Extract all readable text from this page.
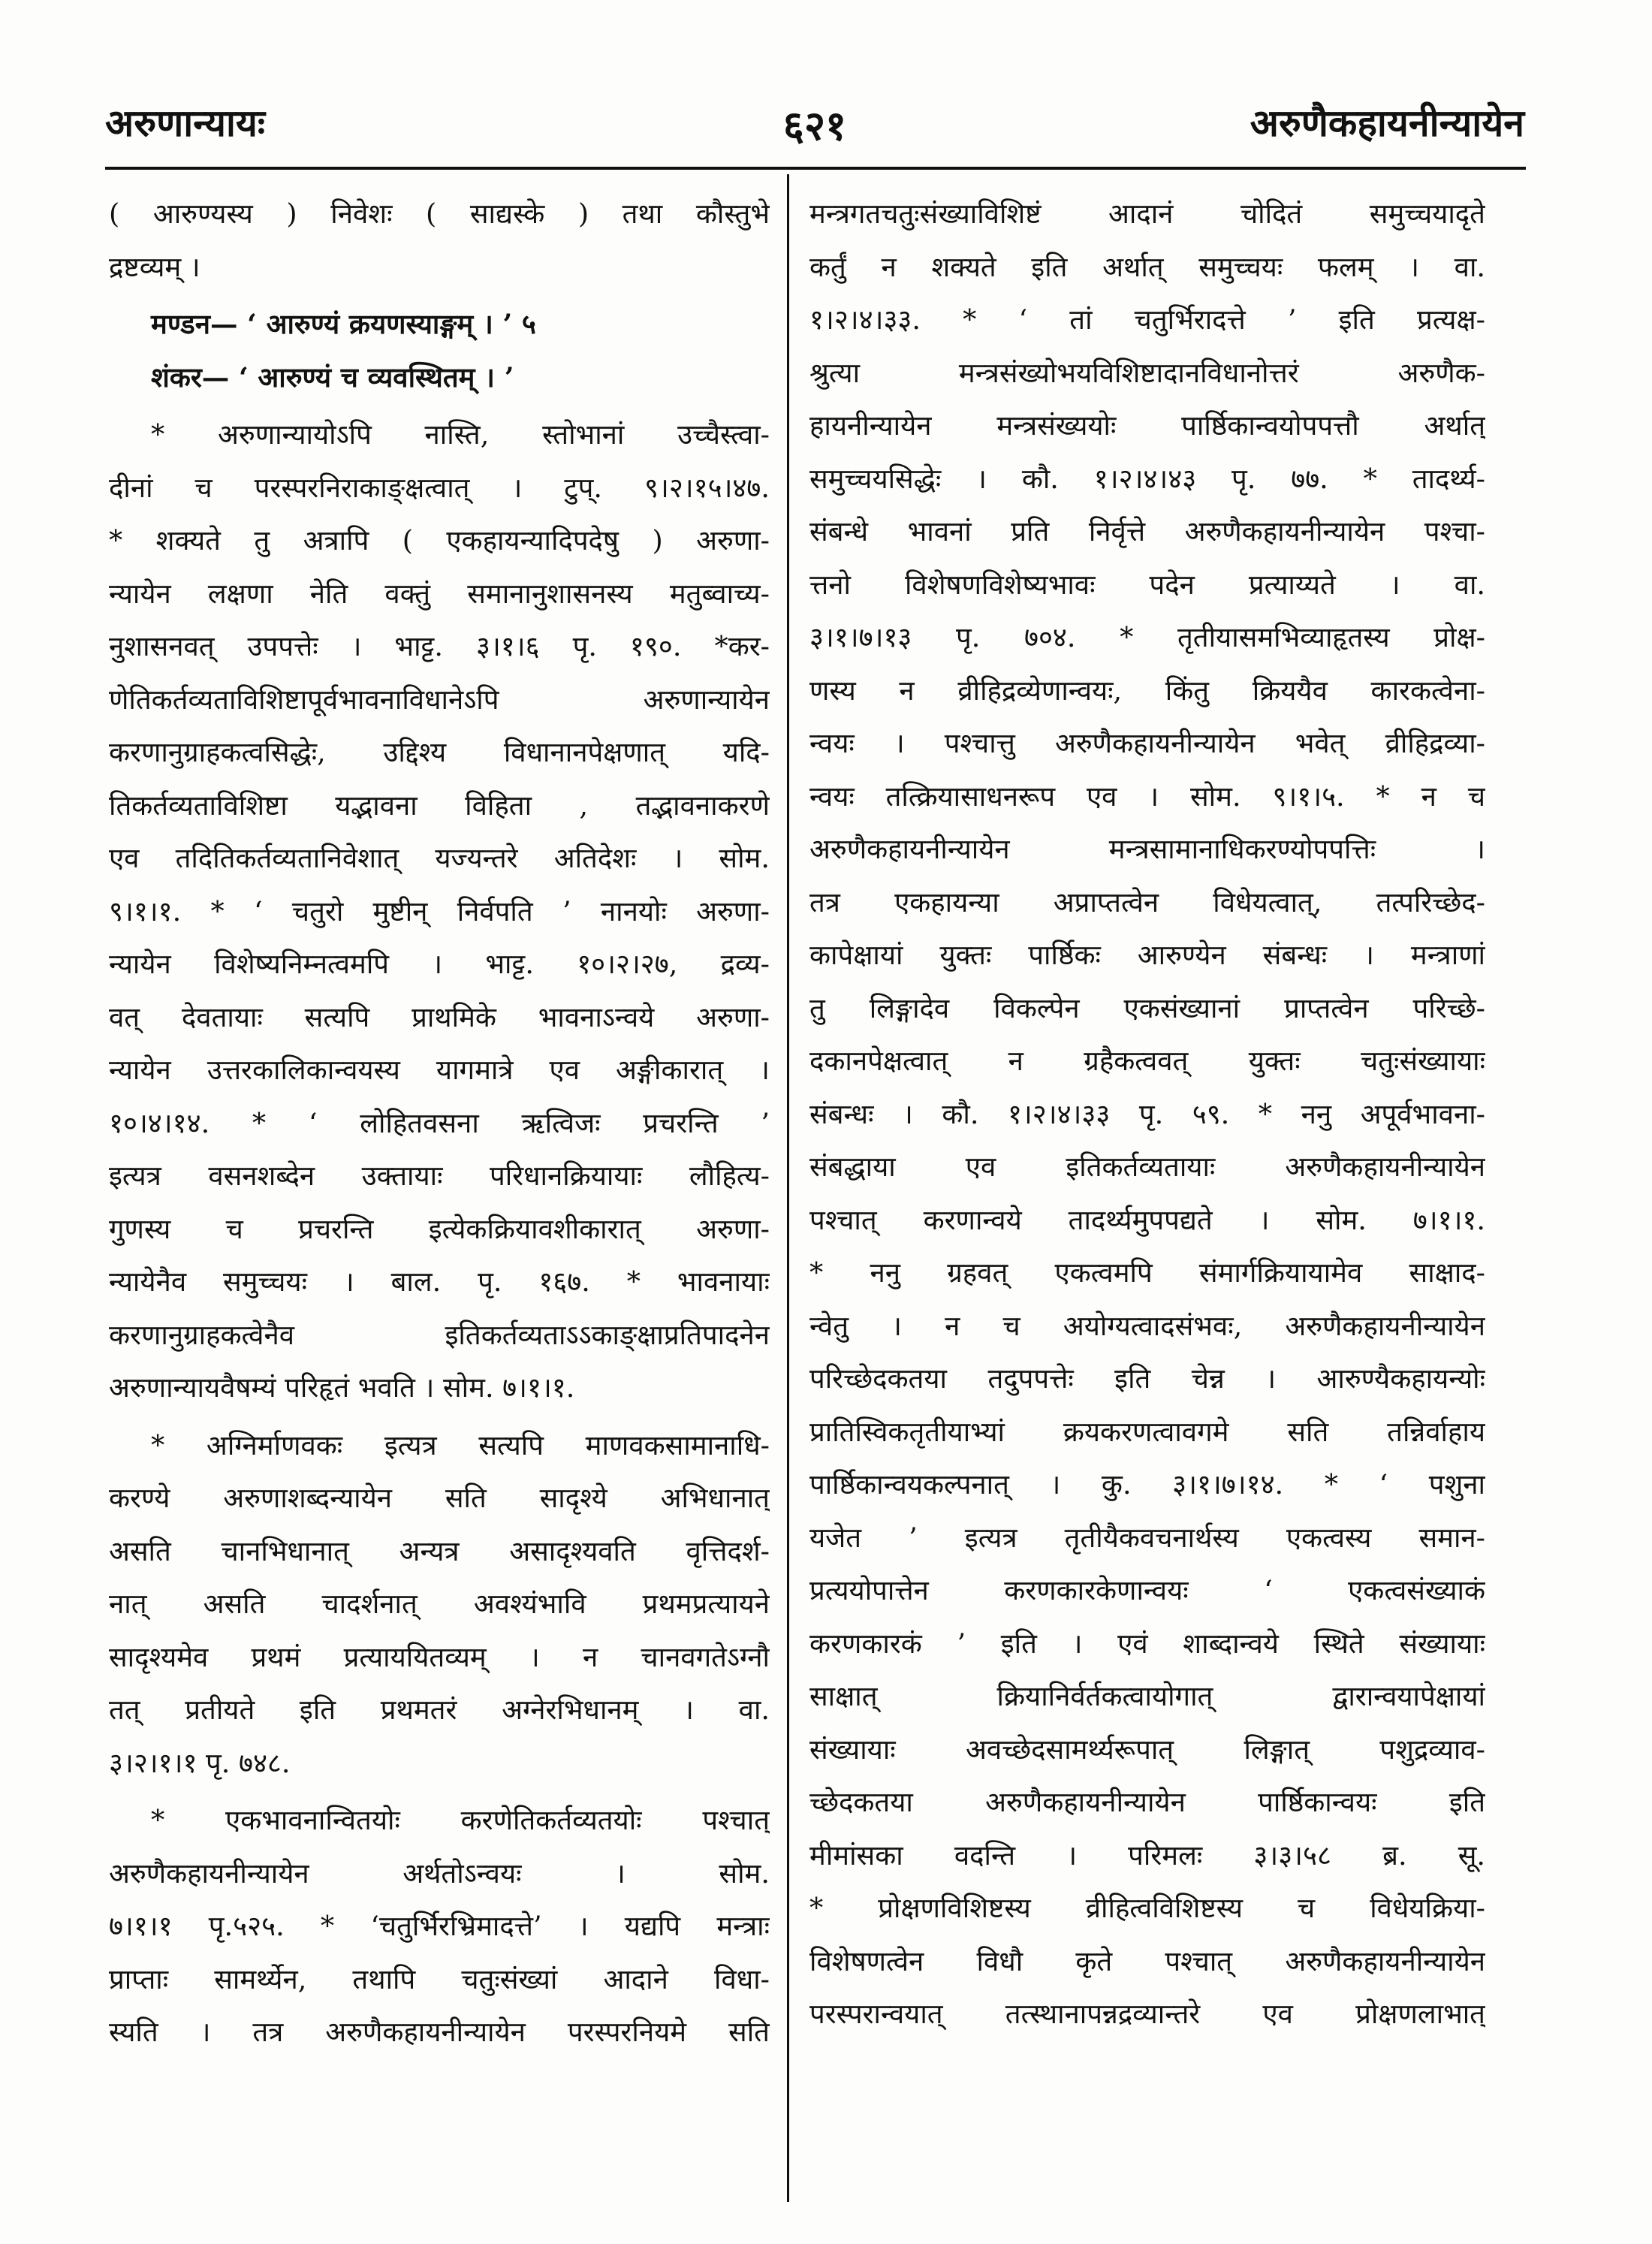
अरुणान्यायः	६२१	अरुणैकहायनीन्यायेन
( आरुण्यस्य ) निवेशः ( साद्यस्के ) तथा कौस्तुभे
द्रष्टव्यम् ।
मण्डन— ‘ आरुण्यं क्रयणस्याङ्गम् । ’ ५
शंकर— ‘ आरुण्यं च व्यवस्थितम् । ’
* अरुणान्यायोऽपि नास्ति, स्तोभानां उच्चैस्त्वा-
दीनां च परस्परनिराकाङ्क्षत्वात् । टुप्. ९।२।१५।४७.
* शक्यते तु अत्रापि ( एकहायन्यादिपदेषु ) अरुणा-
न्यायेन लक्षणा नेति वक्तुं समानानुशासनस्य मतुब्वाच्य-
नुशासनवत् उपपत्तेः । भाट्ट. ३।१।६ पृ. १९०. *कर-
णेतिकर्तव्यताविशिष्टापूर्वभावनाविधानेऽपि अरुणान्यायेन
करणानुग्राहकत्वसिद्धेः, उद्दिश्य विधानानपेक्षणात् यदि-
तिकर्तव्यताविशिष्टा यद्भावना विहिता , तद्भावनाकरणे
एव तदितिकर्तव्यतानिवेशात् यज्यन्तरे अतिदेशः । सोम.
९।१।१. * ‘ चतुरो मुष्टीन् निर्वपति ’ नानयोः अरुणा-
न्यायेन विशेष्यनिम्नत्वमपि । भाट्ट. १०।२।२७, द्रव्य-
वत् देवतायाः सत्यपि प्राथमिके भावनाऽन्वये अरुणा-
न्यायेन उत्तरकालिकान्वयस्य यागमात्रे एव अङ्गीकारात् ।
१०।४।१४. * ‘ लोहितवसना ऋत्विजः प्रचरन्ति ’
इत्यत्र वसनशब्देन उक्तायाः परिधानक्रियायाः लौहित्य-
गुणस्य च प्रचरन्ति इत्येकक्रियावशीकारात् अरुणा-
न्यायेनैव समुच्चयः । बाल. पृ. १६७. * भावनायाः
करणानुग्राहकत्वेनैव इतिकर्तव्यताऽऽकाङ्क्षाप्रतिपादनेन
अरुणान्यायवैषम्यं परिहृतं भवति । सोम. ७।१।१.
* अग्निर्माणवकः इत्यत्र सत्यपि माणवकसामानाधि-
करण्ये अरुणाशब्दन्यायेन सति सादृश्ये अभिधानात्
असति चानभिधानात् अन्यत्र असादृश्यवति वृत्तिदर्श-
नात् असति चादर्शनात् अवश्यंभावि प्रथमप्रत्यायने
सादृश्यमेव प्रथमं प्रत्याययितव्यम् । न चानवगतेऽग्नौ
तत् प्रतीयते इति प्रथमतरं अग्नेरभिधानम् । वा.
३।२।१।१ पृ. ७४८.
* एकभावनान्वितयोः करणेतिकर्तव्यतयोः पश्चात्
अरुणैकहायनीन्यायेन अर्थतोऽन्वयः । सोम.
७।१।१ पृ.५२५. * ‘चतुर्भिरभ्रिमादत्ते’ । यद्यपि मन्त्राः
प्राप्ताः सामर्थ्येन, तथापि चतुःसंख्यां आदाने विधा-
स्यति । तत्र अरुणैकहायनीन्यायेन परस्परनियमे सति
मन्त्रगतचतुःसंख्याविशिष्टं आदानं चोदितं समुच्चयादृते
कर्तुं न शक्यते इति अर्थात् समुच्चयः फलम् । वा.
१।२।४।३३. * ‘ तां चतुर्भिरादत्ते ’ इति प्रत्यक्ष-
श्रुत्या मन्त्रसंख्योभयविशिष्टादानविधानोत्तरं अरुणैक-
हायनीन्यायेन मन्त्रसंख्ययोः पार्ष्ठिकान्वयोपपत्तौ अर्थात्
समुच्चयसिद्धेः । कौ. १।२।४।४३ पृ. ७७. * तादर्थ्य-
संबन्धे भावनां प्रति निर्वृत्ते अरुणैकहायनीन्यायेन पश्चा-
त्तनो विशेषणविशेष्यभावः पदेन प्रत्याय्यते । वा.
३।१।७।१३ पृ. ७०४. * तृतीयासमभिव्याहृतस्य प्रोक्ष-
णस्य न व्रीहिद्रव्येणान्वयः, किंतु क्रिययैव कारकत्वेना-
न्वयः । पश्चात्तु अरुणैकहायनीन्यायेन भवेत् व्रीहिद्रव्या-
न्वयः तत्क्रियासाधनरूप एव । सोम. ९।१।५. * न च
अरुणैकहायनीन्यायेन मन्त्रसामानाधिकरण्योपपत्तिः ।
तत्र एकहायन्या अप्राप्तत्वेन विधेयत्वात्, तत्परिच्छेद-
कापेक्षायां युक्तः पार्ष्ठिकः आरुण्येन संबन्धः । मन्त्राणां
तु लिङ्गादेव विकल्पेन एकसंख्यानां प्राप्तत्वेन परिच्छे-
दकानपेक्षत्वात् न ग्रहैकत्ववत् युक्तः चतुःसंख्यायाः
संबन्धः । कौ. १।२।४।३३ पृ. ५९. * ननु अपूर्वभावना-
संबद्धाया एव इतिकर्तव्यतायाः अरुणैकहायनीन्यायेन
पश्चात् करणान्वये तादर्थ्यमुपपद्यते । सोम. ७।१।१.
* ननु ग्रहवत् एकत्वमपि संमार्गक्रियायामेव साक्षाद-
न्वेतु । न च अयोग्यत्वादसंभवः, अरुणैकहायनीन्यायेन
परिच्छेदकतया तदुपपत्तेः इति चेन्न । आरुण्यैकहायन्योः
प्रातिस्विकतृतीयाभ्यां क्रयकरणत्वावगमे सति तन्निर्वाहाय
पार्ष्ठिकान्वयकल्पनात् । कु. ३।१।७।१४. * ‘ पशुना
यजेत ’ इत्यत्र तृतीयैकवचनार्थस्य एकत्वस्य समान-
प्रत्ययोपात्तेन करणकारकेणान्वयः ‘ एकत्वसंख्याकं
करणकारकं ’ इति । एवं शाब्दान्वये स्थिते संख्यायाः
साक्षात् क्रियानिर्वर्तकत्वायोगात् द्वारान्वयापेक्षायां
संख्यायाः अवच्छेदसामर्थ्यरूपात् लिङ्गात् पशुद्रव्याव-
च्छेदकतया अरुणैकहायनीन्यायेन पार्ष्ठिकान्वयः इति
मीमांसका वदन्ति । परिमलः ३।३।५८ ब्र. सू.
* प्रोक्षणविशिष्टस्य व्रीहित्वविशिष्टस्य च विधेयक्रिया-
विशेषणत्वेन विधौ कृते पश्चात् अरुणैकहायनीन्यायेन
परस्परान्वयात् तत्स्थानापन्नद्रव्यान्तरे एव प्रोक्षणलाभात्
